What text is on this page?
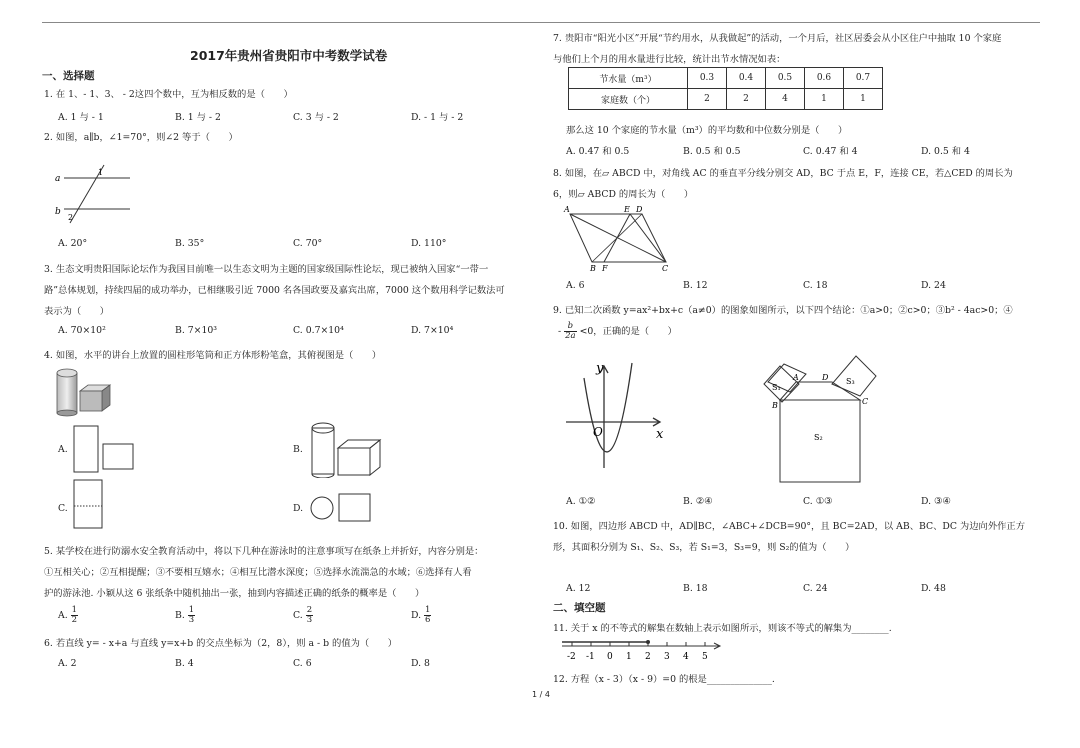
2017年贵州省贵阳市中考数学试卷
一、选择题
1. 在 1、- 1、3、 - 2这四个数中，互为相反数的是（　　）
A. 1 与 - 1	B. 1 与 - 2	C. 3 与 - 2	D. - 1 与 - 2
2. 如图，a∥b，∠1=70°，则∠2 等于（　　）
a
b
1
2
A. 20°	B. 35°	C. 70°	D. 110°
3. 生态文明贵阳国际论坛作为我国目前唯一以生态文明为主题的国家级国际性论坛，现已被纳入国家“一带一
路”总体规划，持续四届的成功举办，已相继吸引近 7000 名各国政要及嘉宾出席，7000 这个数用科学记数法可
表示为（　　）
A. 70×10²	B. 7×10³	C. 0.7×10⁴	D. 7×10⁴
4. 如图，水平的讲台上放置的圆柱形笔筒和正方体形粉笔盒，其俯视图是（　　）
A.	B.
C.	D.
5. 某学校在进行防溺水安全教育活动中，将以下几种在游泳时的注意事项写在纸条上并折好，内容分别是：
①互相关心；②互相提醒；③不要相互嬉水；④相互比潜水深度；⑤选择水流湍急的水域；⑥选择有人看
护的游泳池. 小颖从这 6 张纸条中随机抽出一张，抽到内容描述正确的纸条的概率是（　　）
A. $\frac{1}{2}$	B. $\frac{1}{3}$	C. $\frac{2}{3}$	D. $\frac{1}{6}$
6. 若直线 y= - x+a 与直线 y=x+b 的交点坐标为（2，8），则 a - b 的值为（　　）
A. 2	B. 4	C. 6	D. 8
7. 贵阳市“阳光小区”开展“节约用水，从我做起”的活动，一个月后，社区居委会从小区住户中抽取 10 个家庭
与他们上个月的用水量进行比较，统计出节水情况如表：
节水量（m³）	0.3	0.4	0.5	0.6	0.7
家庭数（个）	2	2	4	1	1
那么这 10 个家庭的节水量（m³）的平均数和中位数分别是（　　）
A. 0.47 和 0.5	B. 0.5 和 0.5	C. 0.47 和 4	D. 0.5 和 4
8. 如图，在▱ ABCD 中，对角线 AC 的垂直平分线分别交 AD，BC 于点 E，F，连接 CE，若△CED 的周长为
6，则▱ ABCD 的周长为（　　）
A	E D
B F	C
A. 6	B. 12	C. 18	D. 24
9. 已知二次函数 y=ax²+bx+c（a≠0）的图象如图所示，以下四个结论：①a>0；②c>0；③b² - 4ac>0；④
- $\frac{b}{2a} <0$，正确的是（　　）
y
x
O
A	D
B	C
S₁
S₃
S₂
A. ①②	B. ②④	C. ①③	D. ③④
10. 如图，四边形 ABCD 中，AD∥BC，∠ABC+∠DCB=90°，且 BC=2AD，以 AB、BC、DC 为边向外作正方
形，其面积分别为 S₁、S₂、S₃，若 S₁=3，S₃=9，则 S₂的值为（　　）
A. 12	B. 18	C. 24	D. 48
二、填空题
11. 关于 x 的不等式的解集在数轴上表示如图所示，则该不等式的解集为________.
-2 -1 0 1 2 3 4 5
12. 方程（x - 3）（x - 9）=0 的根是______________.
1 / 4
